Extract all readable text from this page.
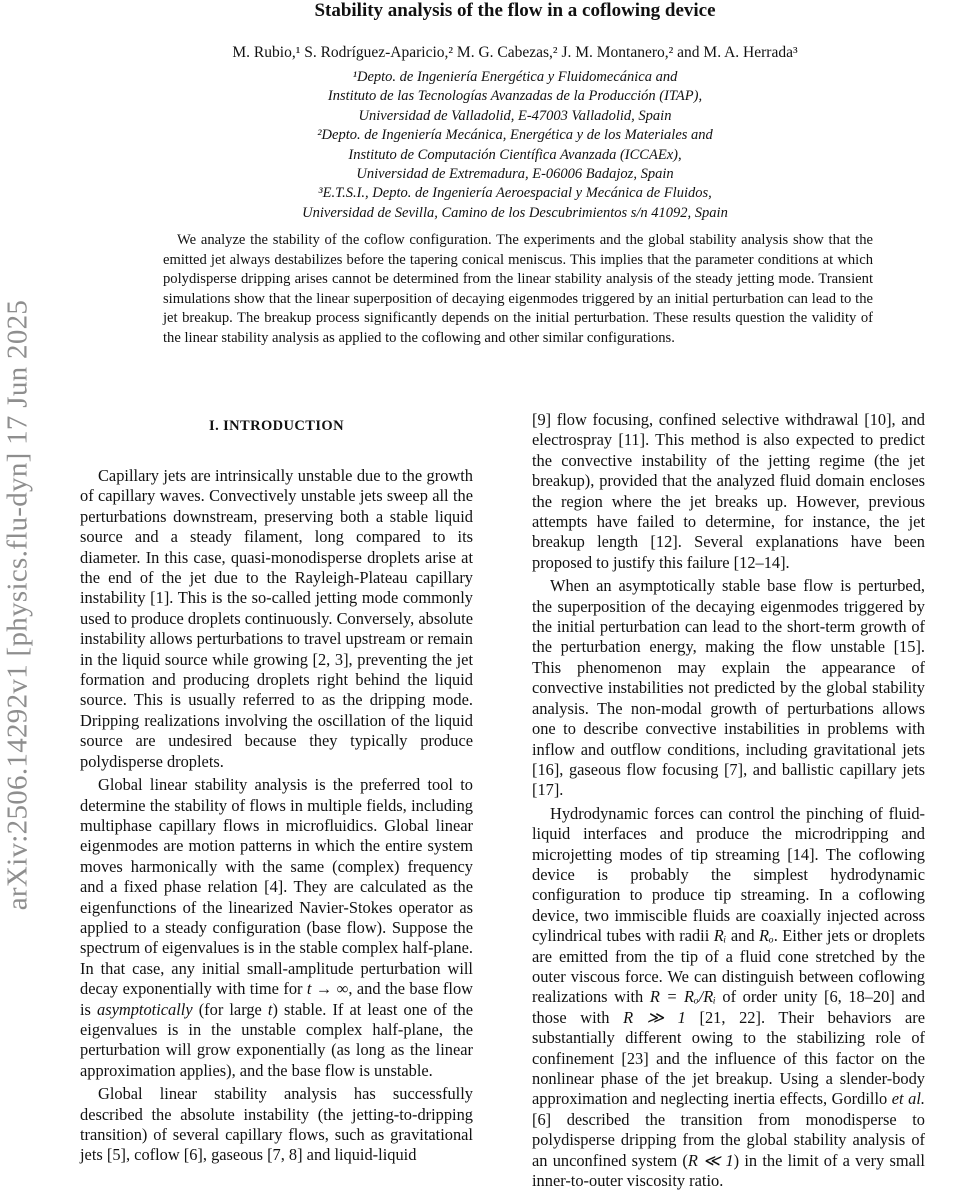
arXiv:2506.14292v1 [physics.flu-dyn] 17 Jun 2025
Stability analysis of the flow in a coflowing device
M. Rubio,¹ S. Rodríguez-Aparicio,² M. G. Cabezas,² J. M. Montanero,² and M. A. Herrada³
¹Depto. de Ingeniería Energética y Fluidomecánica and
Instituto de las Tecnologías Avanzadas de la Producción (ITAP),
Universidad de Valladolid, E-47003 Valladolid, Spain
²Depto. de Ingeniería Mecánica, Energética y de los Materiales and
Instituto de Computación Científica Avanzada (ICCAEx),
Universidad de Extremadura, E-06006 Badajoz, Spain
³E.T.S.I., Depto. de Ingeniería Aeroespacial y Mecánica de Fluidos,
Universidad de Sevilla, Camino de los Descubrimientos s/n 41092, Spain
We analyze the stability of the coflow configuration. The experiments and the global stability analysis show that the emitted jet always destabilizes before the tapering conical meniscus. This implies that the parameter conditions at which polydisperse dripping arises cannot be determined from the linear stability analysis of the steady jetting mode. Transient simulations show that the linear superposition of decaying eigenmodes triggered by an initial perturbation can lead to the jet breakup. The breakup process significantly depends on the initial perturbation. These results question the validity of the linear stability analysis as applied to the coflowing and other similar configurations.
I. INTRODUCTION

Capillary jets are intrinsically unstable due to the growth of capillary waves. Convectively unstable jets sweep all the perturbations downstream, preserving both a stable liquid source and a steady filament, long compared to its diameter. In this case, quasi-monodisperse droplets arise at the end of the jet due to the Rayleigh-Plateau capillary instability [1]. This is the so-called jetting mode commonly used to produce droplets continuously. Conversely, absolute instability allows perturbations to travel upstream or remain in the liquid source while growing [2, 3], preventing the jet formation and producing droplets right behind the liquid source. This is usually referred to as the dripping mode. Dripping realizations involving the oscillation of the liquid source are undesired because they typically produce polydisperse droplets.

Global linear stability analysis is the preferred tool to determine the stability of flows in multiple fields, including multiphase capillary flows in microfluidics. Global linear eigenmodes are motion patterns in which the entire system moves harmonically with the same (complex) frequency and a fixed phase relation [4]. They are calculated as the eigenfunctions of the linearized Navier-Stokes operator as applied to a steady configuration (base flow). Suppose the spectrum of eigenvalues is in the stable complex half-plane. In that case, any initial small-amplitude perturbation will decay exponentially with time for t → ∞, and the base flow is asymptotically (for large t) stable. If at least one of the eigenvalues is in the unstable complex half-plane, the perturbation will grow exponentially (as long as the linear approximation applies), and the base flow is unstable.

Global linear stability analysis has successfully described the absolute instability (the jetting-to-dripping transition) of several capillary flows, such as gravitational jets [5], coflow [6], gaseous [7, 8] and liquid-liquid

[9] flow focusing, confined selective withdrawal [10], and electrospray [11]. This method is also expected to predict the convective instability of the jetting regime (the jet breakup), provided that the analyzed fluid domain encloses the region where the jet breaks up. However, previous attempts have failed to determine, for instance, the jet breakup length [12]. Several explanations have been proposed to justify this failure [12–14].

When an asymptotically stable base flow is perturbed, the superposition of the decaying eigenmodes triggered by the initial perturbation can lead to the short-term growth of the perturbation energy, making the flow unstable [15]. This phenomenon may explain the appearance of convective instabilities not predicted by the global stability analysis. The non-modal growth of perturbations allows one to describe convective instabilities in problems with inflow and outflow conditions, including gravitational jets [16], gaseous flow focusing [7], and ballistic capillary jets [17].

Hydrodynamic forces can control the pinching of fluid-liquid interfaces and produce the microdripping and microjetting modes of tip streaming [14]. The coflowing device is probably the simplest hydrodynamic configuration to produce tip streaming. In a coflowing device, two immiscible fluids are coaxially injected across cylindrical tubes with radii Rᵢ and Rₒ. Either jets or droplets are emitted from the tip of a fluid cone stretched by the outer viscous force. We can distinguish between coflowing realizations with R = Rₒ/Rᵢ of order unity [6, 18–20] and those with R ≫ 1 [21, 22]. Their behaviors are substantially different owing to the stabilizing role of confinement [23] and the influence of this factor on the nonlinear phase of the jet breakup. Using a slender-body approximation and neglecting inertia effects, Gordillo et al. [6] described the transition from monodisperse to polydisperse dripping from the global stability analysis of an unconfined system (R ≪ 1) in the limit of a very small inner-to-outer viscosity ratio.
